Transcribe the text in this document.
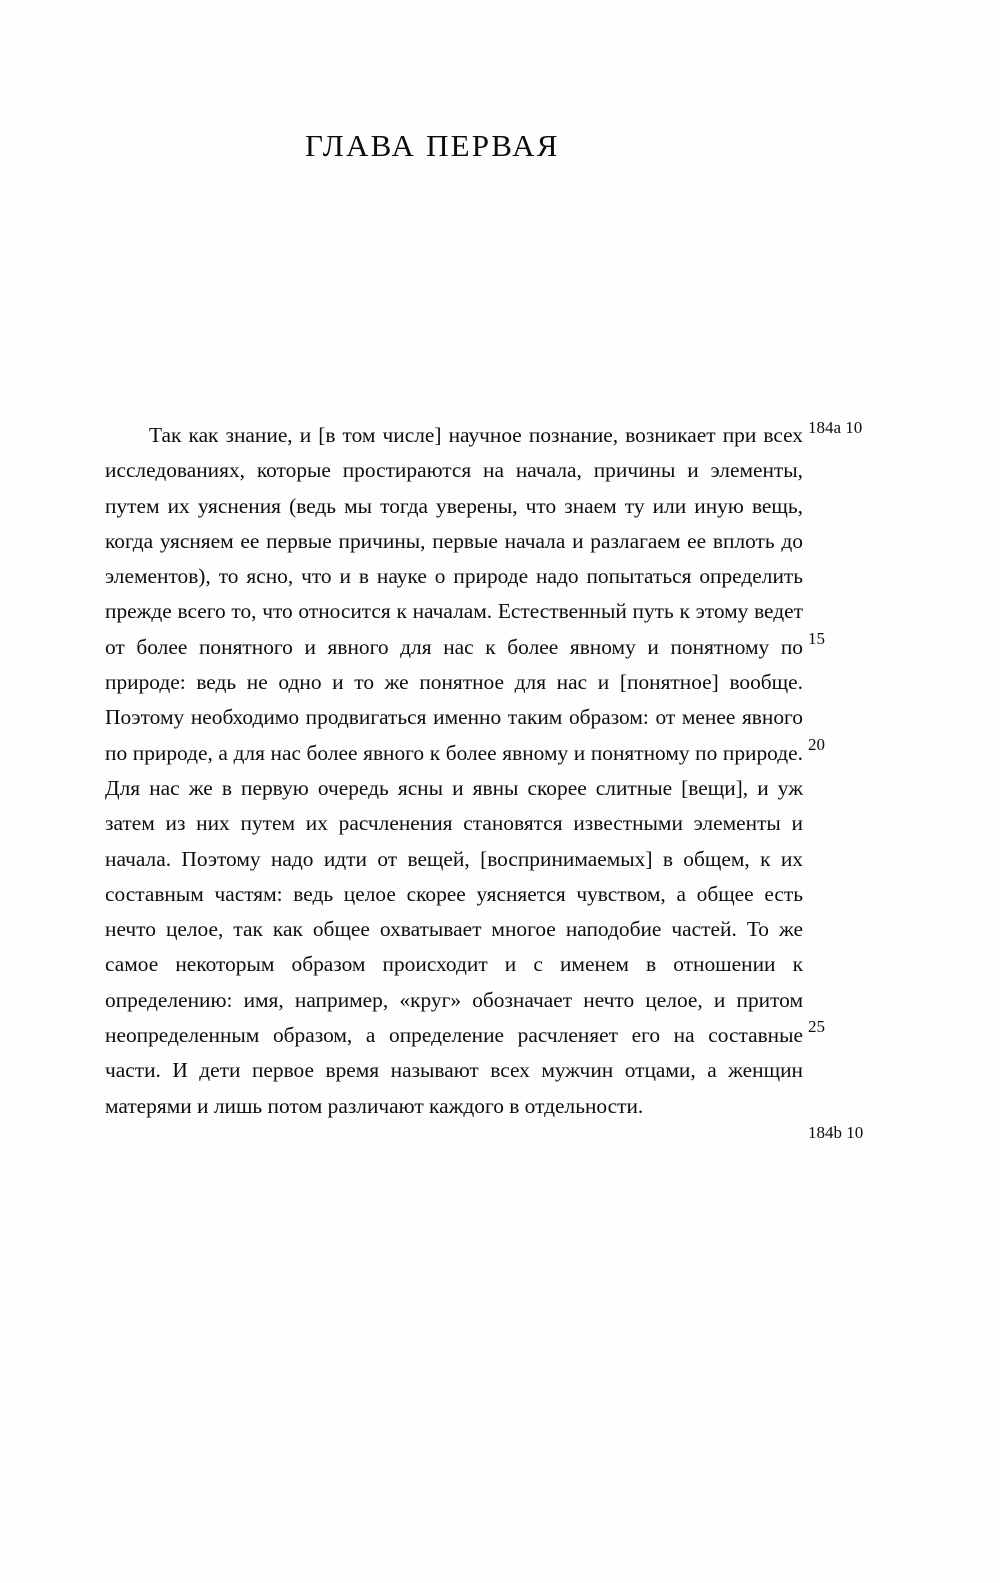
ГЛАВА ПЕРВАЯ

Так как знание, и [в том числе] научное познание, возникает при всех исследованиях, которые простираются на начала, причины и элементы, путем их уяснения (ведь мы тогда уверены, что знаем ту или иную вещь, когда уясняем ее первые причины, первые начала и разлагаем ее вплоть до элементов), то ясно, что и в науке о природе надо попытаться определить прежде всего то, что относится к началам. Естественный путь к этому ведет от более понятного и явного для нас к более явному и понятному по природе: ведь не одно и то же понятное для нас и [понятное] вообще. Поэтому необходимо продвигаться именно таким образом: от менее явного по природе, а для нас более явного к более явному и понятному по природе. Для нас же в первую очередь ясны и явны скорее слитные [вещи], и уж затем из них путем их расчленения становятся известными элементы и начала. Поэтому надо идти от вещей, [воспринимаемых] в общем, к их составным частям: ведь целое скорее уясняется чувством, а общее есть нечто целое, так как общее охватывает многое наподобие частей. То же самое некоторым образом происходит и с именем в отношении к определению: имя, например, «круг» обозначает нечто целое, и притом неопределенным образом, а определение расчленяет его на составные части. И дети первое время называют всех мужчин отцами, а женщин матерями и лишь потом различают каждого в отдельности.

184a 10
15
20
25
184b 10
